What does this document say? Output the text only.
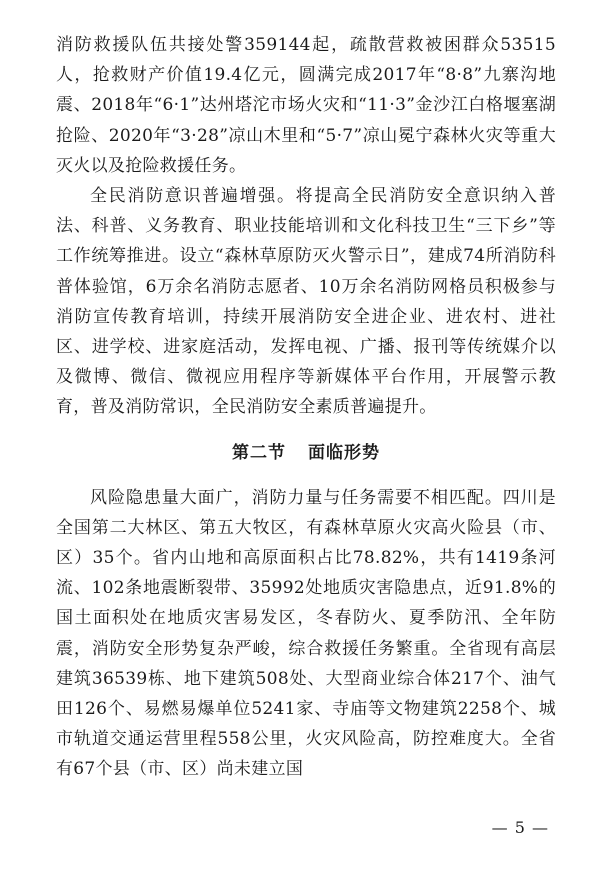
消防救援队伍共接处警359144起，疏散营救被困群众53515人，抢救财产价值19.4亿元，圆满完成2017年“8·8”九寨沟地震、2018年“6·1”达州塔沱市场火灾和“11·3”金沙江白格堰塞湖抢险、2020年“3·28”凉山木里和“5·7”凉山冕宁森林火灾等重大灭火以及抢险救援任务。

全民消防意识普遍增强。将提高全民消防安全意识纳入普法、科普、义务教育、职业技能培训和文化科技卫生“三下乡”等工作统筹推进。设立“森林草原防灭火警示日”，建成74所消防科普体验馆，6万余名消防志愿者、10万余名消防网格员积极参与消防宣传教育培训，持续开展消防安全进企业、进农村、进社区、进学校、进家庭活动，发挥电视、广播、报刊等传统媒介以及微博、微信、微视应用程序等新媒体平台作用，开展警示教育，普及消防常识，全民消防安全素质普遍提升。

第二节 面临形势

风险隐患量大面广，消防力量与任务需要不相匹配。四川是全国第二大林区、第五大牧区，有森林草原火灾高火险县（市、区）35个。省内山地和高原面积占比78.82%，共有1419条河流、102条地震断裂带、35992处地质灾害隐患点，近91.8%的国土面积处在地质灾害易发区，冬春防火、夏季防汛、全年防震，消防安全形势复杂严峻，综合救援任务繁重。全省现有高层建筑36539栋、地下建筑508处、大型商业综合体217个、油气田126个、易燃易爆单位5241家、寺庙等文物建筑2258个、城市轨道交通运营里程558公里，火灾风险高，防控难度大。全省有67个县（市、区）尚未建立国

— 5 —
